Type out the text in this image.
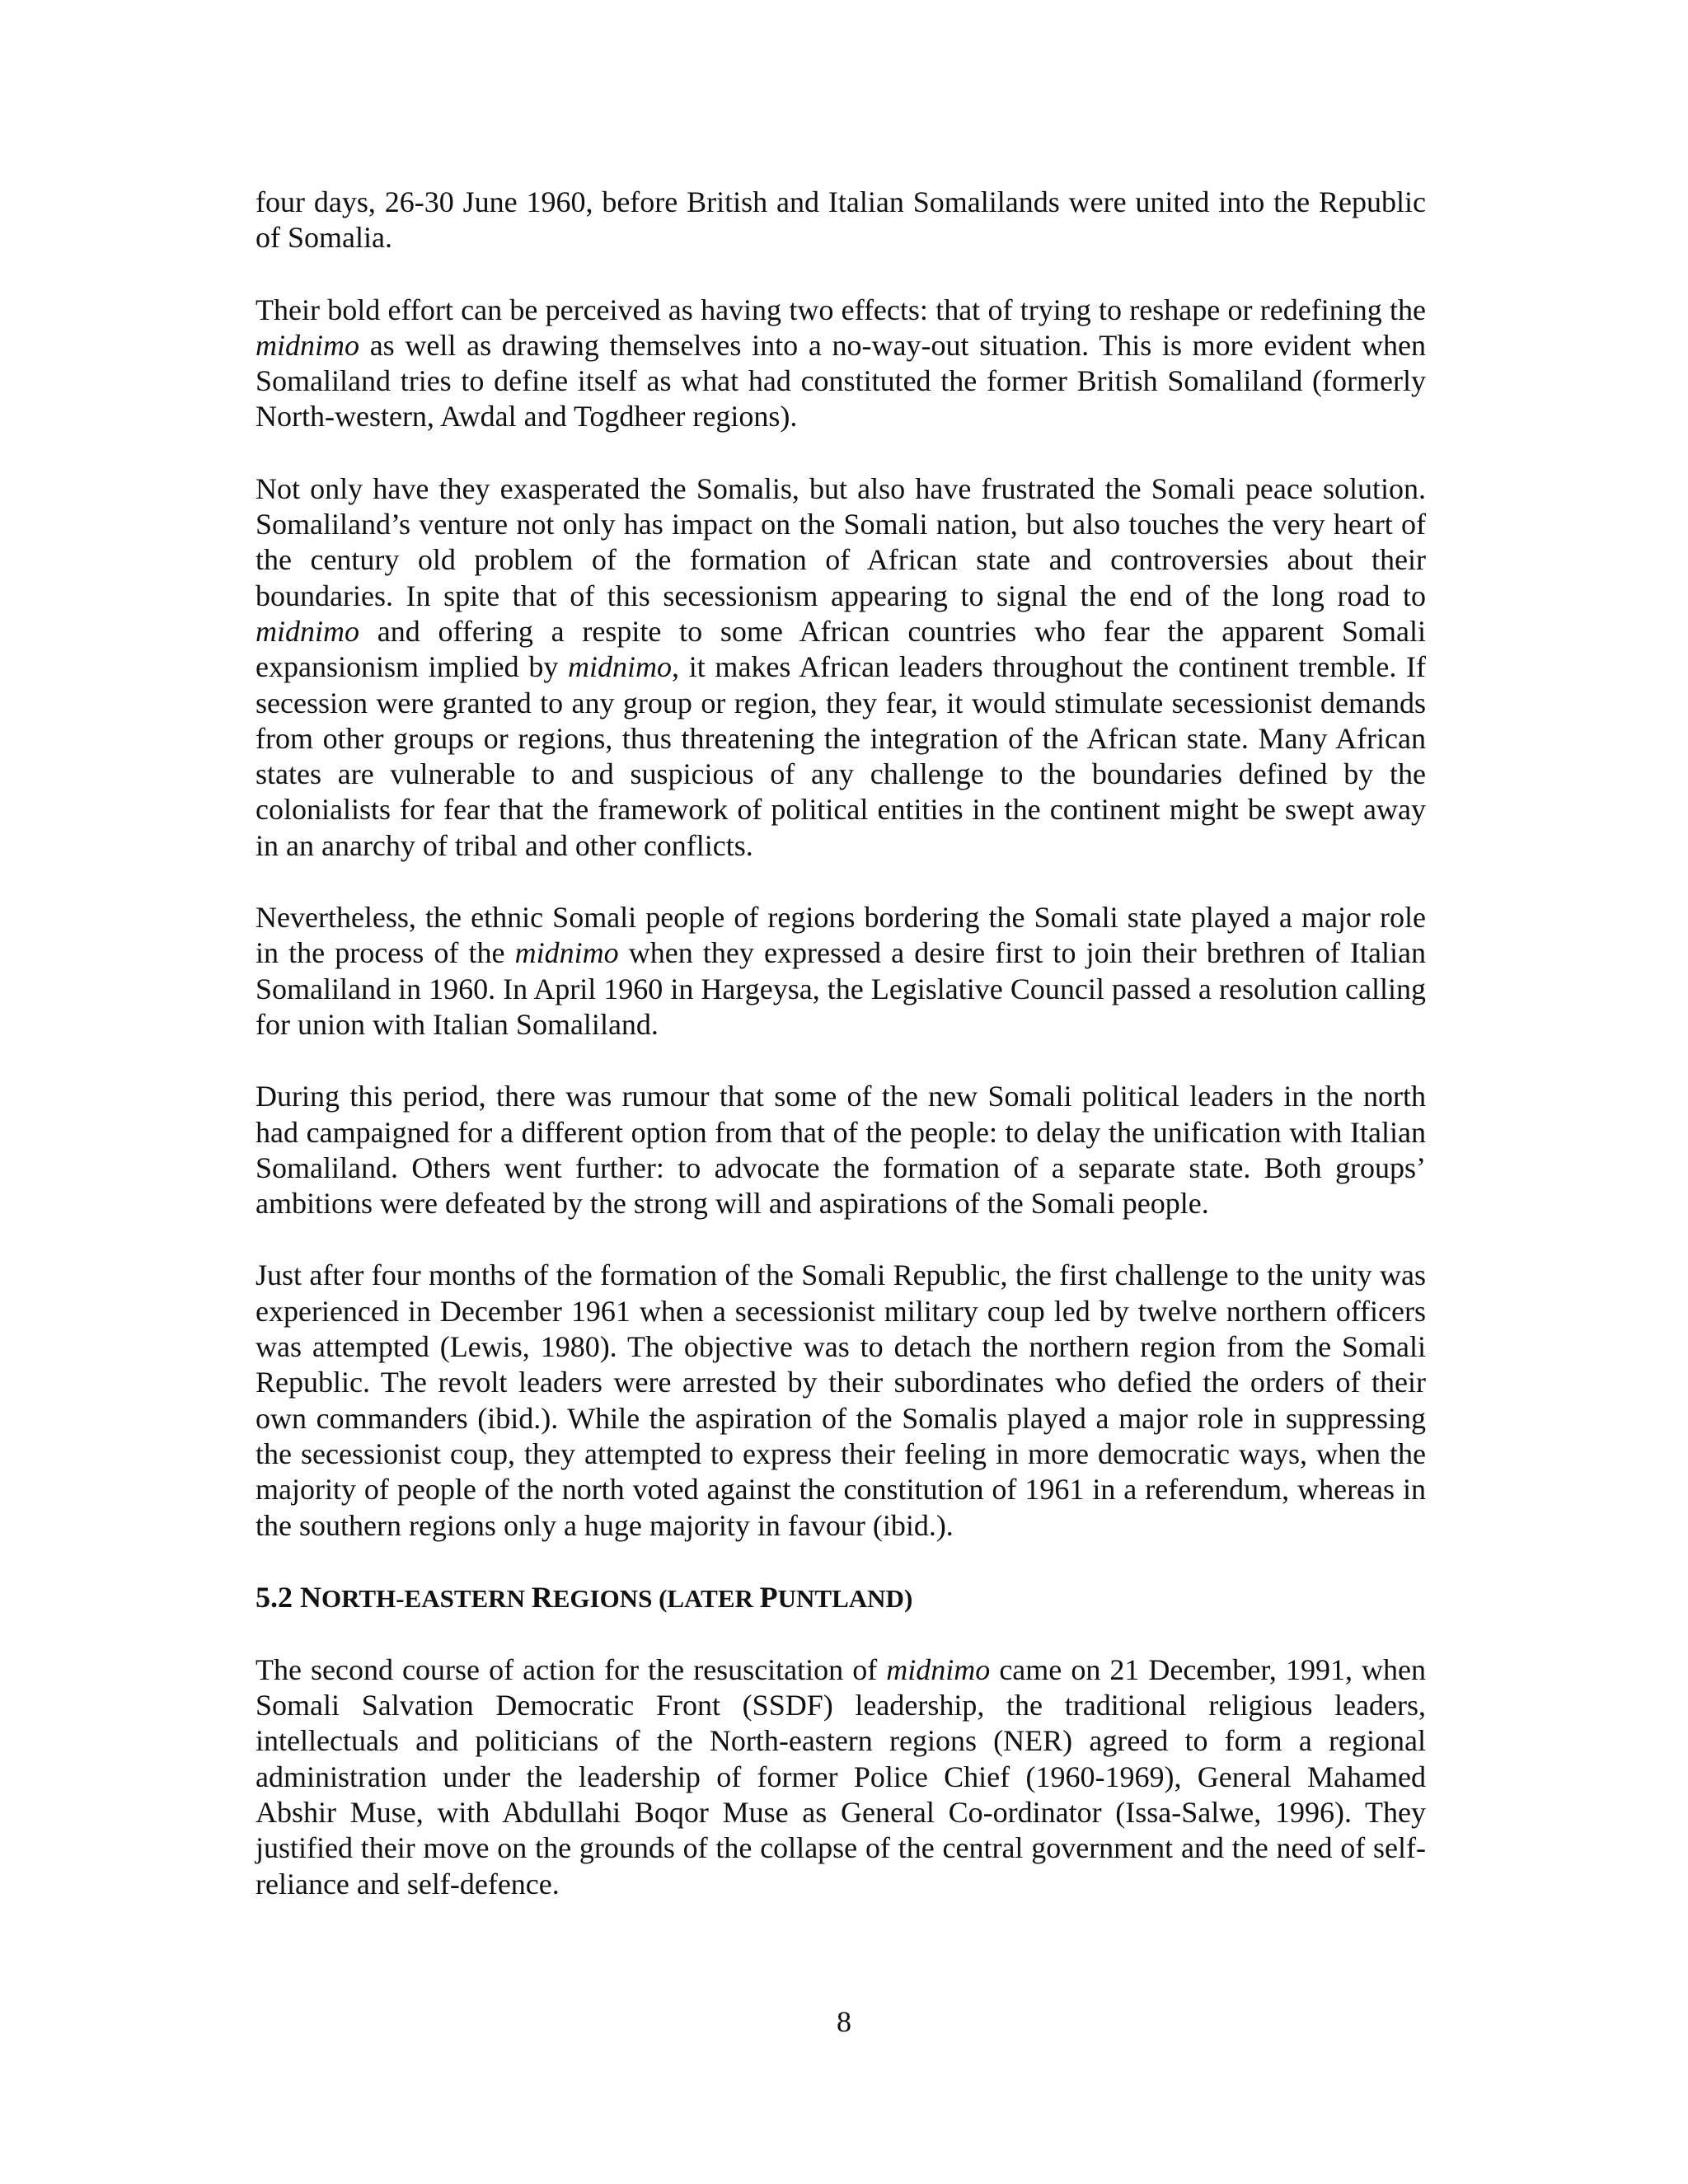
four days, 26-30 June 1960, before British and Italian Somalilands were united into the Republic of Somalia.

Their bold effort can be perceived as having two effects: that of trying to reshape or redefining the midnimo as well as drawing themselves into a no-way-out situation. This is more evident when Somaliland tries to define itself as what had constituted the former British Somaliland (formerly North-western, Awdal and Togdheer regions).

Not only have they exasperated the Somalis, but also have frustrated the Somali peace solution. Somaliland’s venture not only has impact on the Somali nation, but also touches the very heart of the century old problem of the formation of African state and controversies about their boundaries. In spite that of this secessionism appearing to signal the end of the long road to midnimo and offering a respite to some African countries who fear the apparent Somali expansionism implied by midnimo, it makes African leaders throughout the continent tremble. If secession were granted to any group or region, they fear, it would stimulate secessionist demands from other groups or regions, thus threatening the integration of the African state. Many African states are vulnerable to and suspicious of any challenge to the boundaries defined by the colonialists for fear that the framework of political entities in the continent might be swept away in an anarchy of tribal and other conflicts.

Nevertheless, the ethnic Somali people of regions bordering the Somali state played a major role in the process of the midnimo when they expressed a desire first to join their brethren of Italian Somaliland in 1960. In April 1960 in Hargeysa, the Legislative Council passed a resolution calling for union with Italian Somaliland.

During this period, there was rumour that some of the new Somali political leaders in the north had campaigned for a different option from that of the people: to delay the unification with Italian Somaliland. Others went further: to advocate the formation of a separate state. Both groups’ ambitions were defeated by the strong will and aspirations of the Somali people.

Just after four months of the formation of the Somali Republic, the first challenge to the unity was experienced in December 1961 when a secessionist military coup led by twelve northern officers was attempted (Lewis, 1980). The objective was to detach the northern region from the Somali Republic. The revolt leaders were arrested by their subordinates who defied the orders of their own commanders (ibid.). While the aspiration of the Somalis played a major role in suppressing the secessionist coup, they attempted to express their feeling in more democratic ways, when the majority of people of the north voted against the constitution of 1961 in a referendum, whereas in the southern regions only a huge majority in favour (ibid.).

5.2 NORTH-EASTERN REGIONS (LATER PUNTLAND)

The second course of action for the resuscitation of midnimo came on 21 December, 1991, when Somali Salvation Democratic Front (SSDF) leadership, the traditional religious leaders, intellectuals and politicians of the North-eastern regions (NER) agreed to form a regional administration under the leadership of former Police Chief (1960-1969), General Mahamed Abshir Muse, with Abdullahi Boqor Muse as General Co-ordinator (Issa-Salwe, 1996). They justified their move on the grounds of the collapse of the central government and the need of self-reliance and self-defence.

8
